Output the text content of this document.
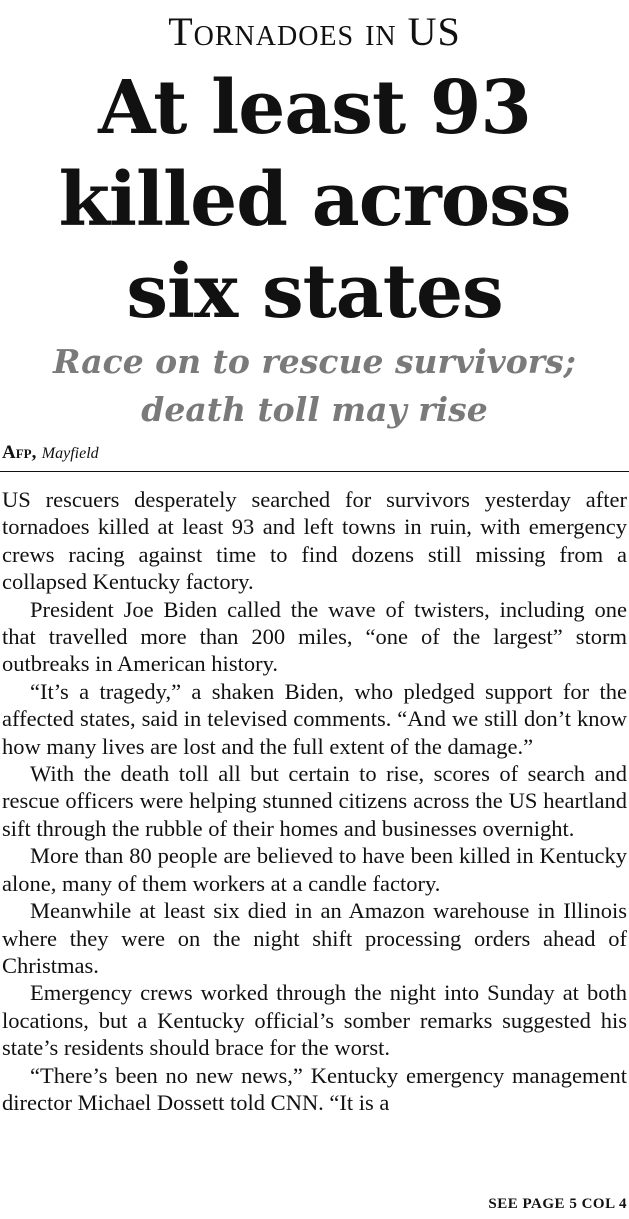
Tornadoes in US
At least 93
killed across
six states
Race on to rescue survivors;
death toll may rise
Afp, Mayfield

US rescuers desperately searched for survivors yesterday after tornadoes killed at least 93 and left towns in ruin, with emergency crews racing against time to find dozens still missing from a collapsed Kentucky factory.

President Joe Biden called the wave of twisters, including one that travelled more than 200 miles, “one of the largest” storm outbreaks in American history.

“It’s a tragedy,” a shaken Biden, who pledged support for the affected states, said in televised comments. “And we still don’t know how many lives are lost and the full extent of the damage.”

With the death toll all but certain to rise, scores of search and rescue officers were helping stunned citizens across the US heartland sift through the rubble of their homes and businesses overnight.

More than 80 people are believed to have been killed in Kentucky alone, many of them workers at a candle factory.

Meanwhile at least six died in an Amazon warehouse in Illinois where they were on the night shift processing orders ahead of Christmas.

Emergency crews worked through the night into Sunday at both locations, but a Kentucky official’s somber remarks suggested his state’s residents should brace for the worst.

“There’s been no new news,” Kentucky emergency management director Michael Dossett told CNN. “It is a

SEE PAGE 5 COL 4
